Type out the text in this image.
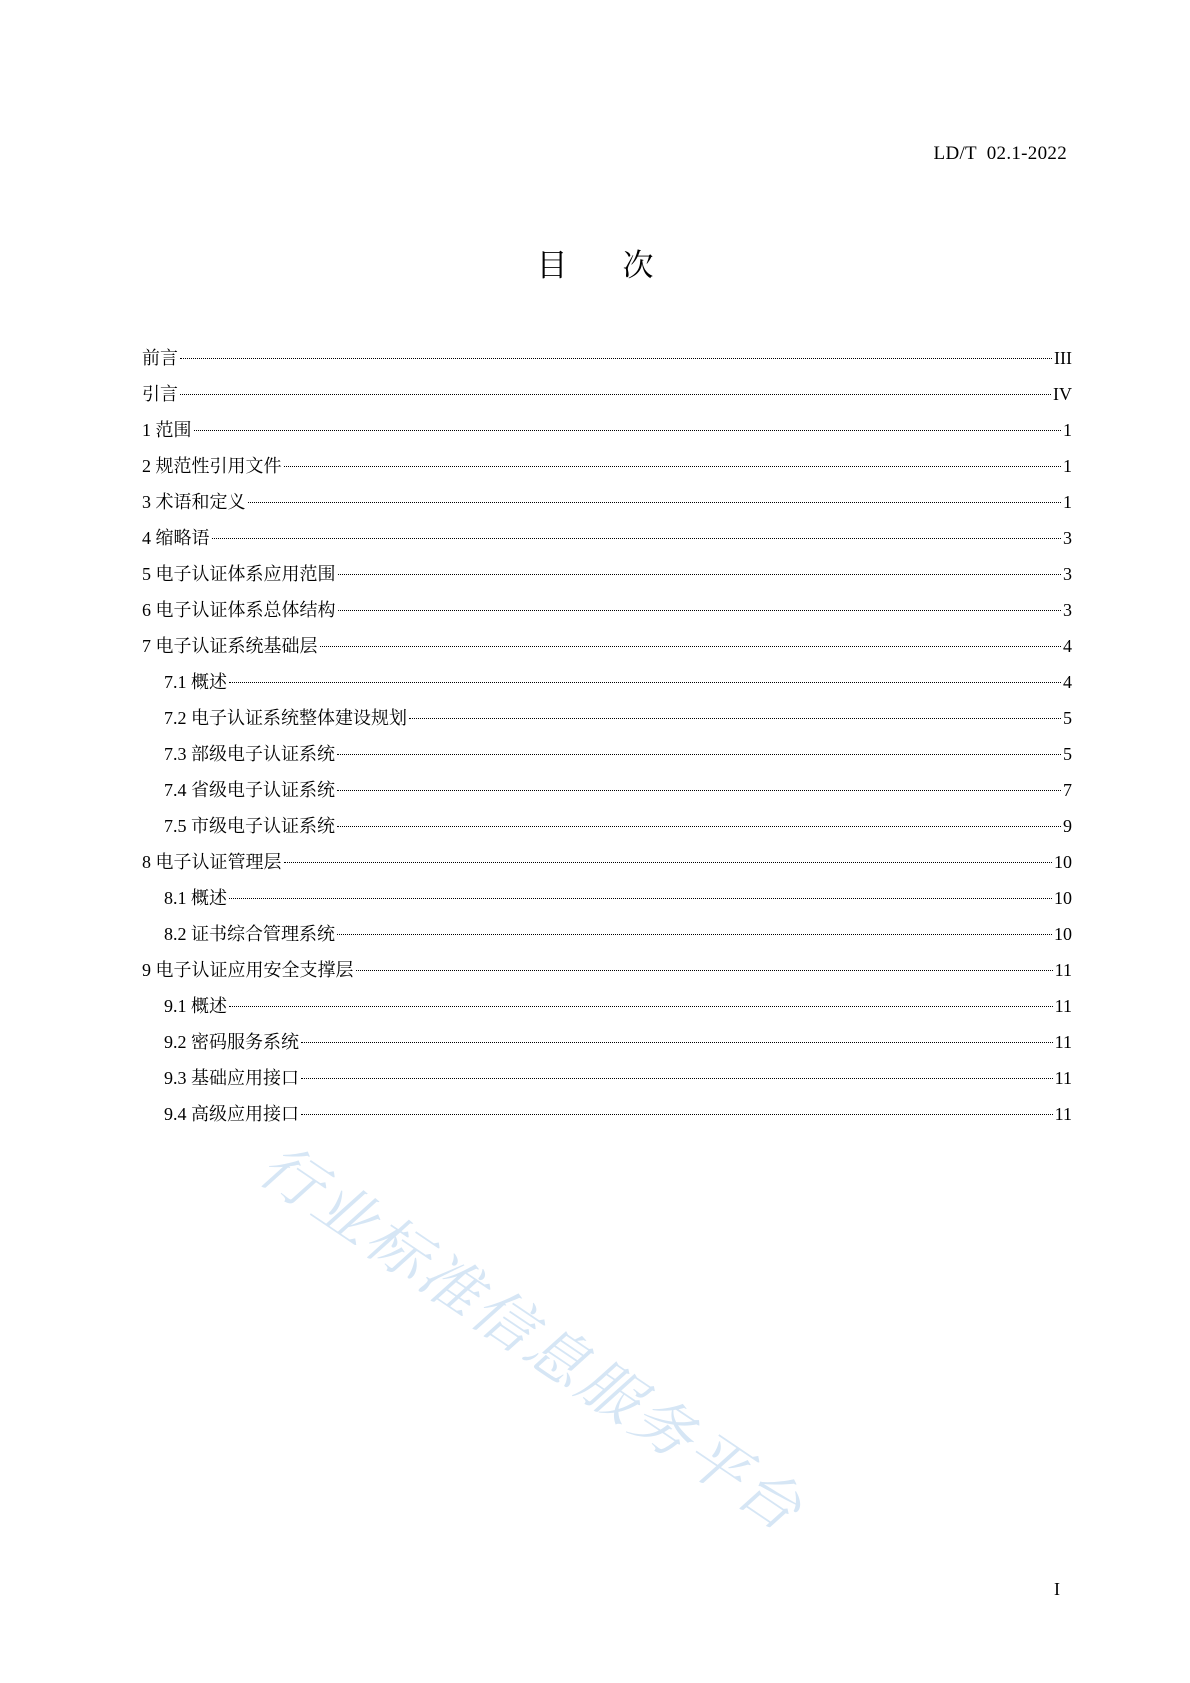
LD/T  02.1-2022
目次
前言	III
引言	IV
1 范围	1
2 规范性引用文件	1
3 术语和定义	1
4 缩略语	3
5 电子认证体系应用范围	3
6 电子认证体系总体结构	3
7 电子认证系统基础层	4
7.1 概述	4
7.2 电子认证系统整体建设规划	5
7.3 部级电子认证系统	5
7.4 省级电子认证系统	7
7.5 市级电子认证系统	9
8 电子认证管理层	10
8.1 概述	10
8.2 证书综合管理系统	10
9 电子认证应用安全支撑层	11
9.1 概述	11
9.2 密码服务系统	11
9.3 基础应用接口	11
9.4 高级应用接口	11
行业标准信息服务平台
I
